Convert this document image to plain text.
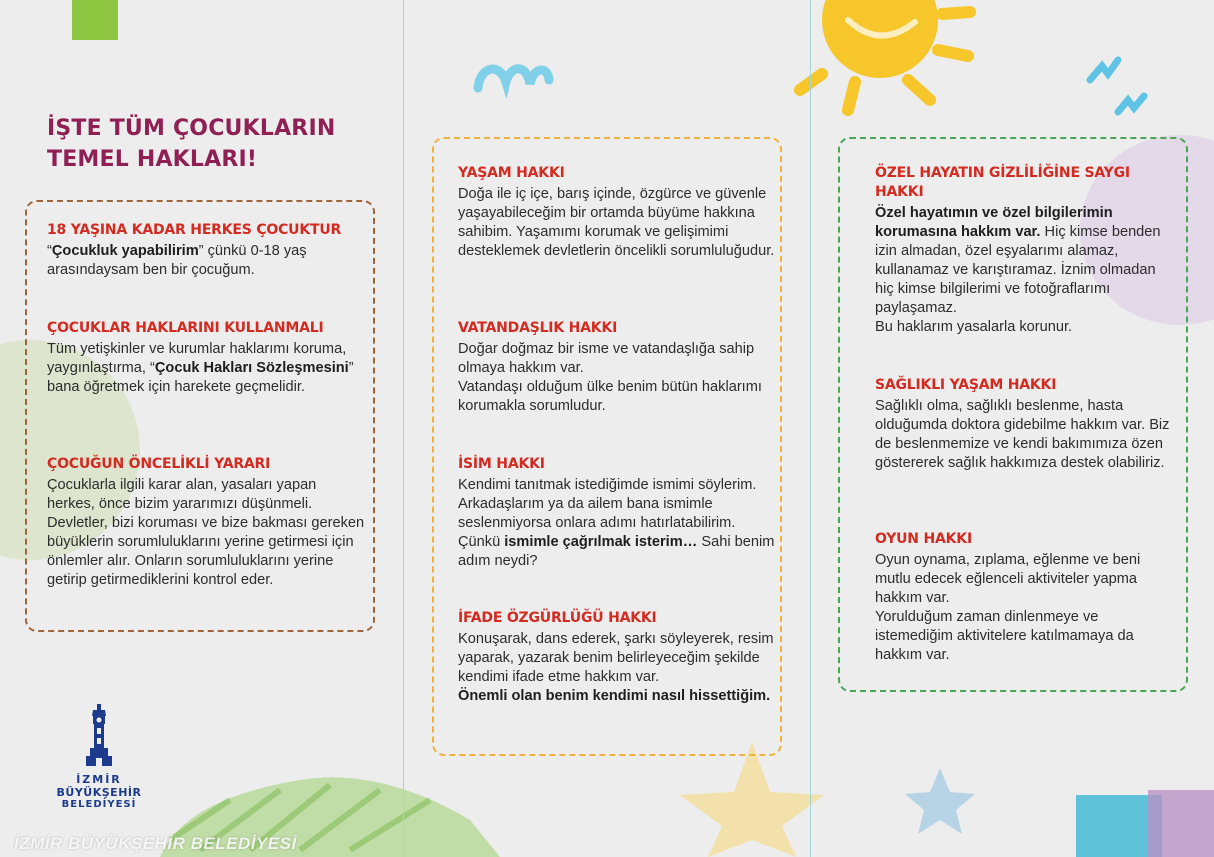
İŞTE TÜM ÇOCUKLARIN
TEMEL HAKLARI!
18 YAŞINA KADAR HERKES ÇOCUKTUR

“Çocukluk yapabilirim” çünkü 0-18 yaş arasındaysam ben bir çocuğum.

ÇOCUKLAR HAKLARINI KULLANMALI

Tüm yetişkinler ve kurumlar haklarımı koruma, yaygınlaştırma, “Çocuk Hakları Sözleşmesini” bana öğretmek için harekete geçmelidir.

ÇOCUĞUN ÖNCELİKLİ YARARI

Çocuklarla ilgili karar alan, yasaları yapan herkes, önce bizim yararımızı düşünmeli. Devletler, bizi koruması ve bize bakması gereken büyüklerin sorumluluklarını yerine getirmesi için önlemler alır. Onların sorumluluklarını yerine getirip getirmediklerini kontrol eder.

YAŞAM HAKKI

Doğa ile iç içe, barış içinde, özgürce ve güvenle yaşayabileceğim bir ortamda büyüme hakkına sahibim. Yaşamımı korumak ve gelişimimi desteklemek devletlerin öncelikli sorumluluğudur.

VATANDAŞLIK HAKKI

Doğar doğmaz bir isme ve vatandaşlığa sahip olmaya hakkım var.

Vatandaşı olduğum ülke benim bütün haklarımı korumakla sorumludur.

İSİM HAKKI

Kendimi tanıtmak istediğimde ismimi söylerim. Arkadaşlarım ya da ailem bana ismimle seslenmiyorsa onlara adımı hatırlatabilirim. Çünkü ismimle çağrılmak isterim… Sahi benim adım neydi?

İFADE ÖZGÜRLÜĞÜ HAKKI

Konuşarak, dans ederek, şarkı söyleyerek, resim yaparak, yazarak benim belirleyeceğim şekilde kendimi ifade etme hakkım var.

Önemli olan benim kendimi nasıl hissettiğim.

ÖZEL HAYATIN GİZLİLİĞİNE SAYGI HAKKI

Özel hayatımın ve özel bilgilerimin korumasına hakkım var. Hiç kimse benden izin almadan, özel eşyalarımı alamaz, kullanamaz ve karıştıramaz. İznim olmadan hiç kimse bilgilerimi ve fotoğraflarımı paylaşamaz.

Bu haklarım yasalarla korunur.

SAĞLIKLI YAŞAM HAKKI

Sağlıklı olma, sağlıklı beslenme, hasta olduğumda doktora gidebilme hakkım var. Biz de beslenmemize ve kendi bakımımıza özen göstererek sağlık hakkımıza destek olabiliriz.

OYUN HAKKI

Oyun oynama, zıplama, eğlenme ve beni mutlu edecek eğlenceli aktiviteler yapma hakkım var.

Yorulduğum zaman dinlenmeye ve istemediğim aktivitelere katılmamaya da hakkım var.

İZMİR
BÜYÜKŞEHİR
BELEDİYESİ
İZMİR BÜYÜKŞEHİR BELEDİYESİ
